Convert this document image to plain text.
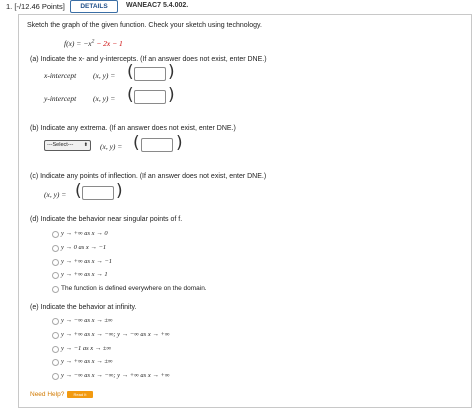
1. [-/12.46 Points]	DETAILS	WANEAC7 5.4.002.
Sketch the graph of the given function. Check your sketch using technology.
$f(x) = -x^2 - 2x - 1$
(a) Indicate the x- and y-intercepts. (If an answer does not exist, enter DNE.)
x-intercept (x, y) = ( )
y-intercept (x, y) = ( )
(b) Indicate any extrema. (If an answer does not exist, enter DNE.)
---Select--- ⬍ (x, y) = ( )
(c) Indicate any points of inflection. (If an answer does not exist, enter DNE.)
(x, y) = ( )
(d) Indicate the behavior near singular points of f.
y → +∞ as x → 0
y → 0 as x → −1
y → +∞ as x → −1
y → +∞ as x → 1
The function is defined everywhere on the domain.
(e) Indicate the behavior at infinity.
y → −∞ as x → ±∞
y → +∞ as x → −∞; y → −∞ as x → +∞
y → −1 as x → ±∞
y → +∞ as x → ±∞
y → −∞ as x → −∞; y → +∞ as x → +∞
Need Help?	Read It
